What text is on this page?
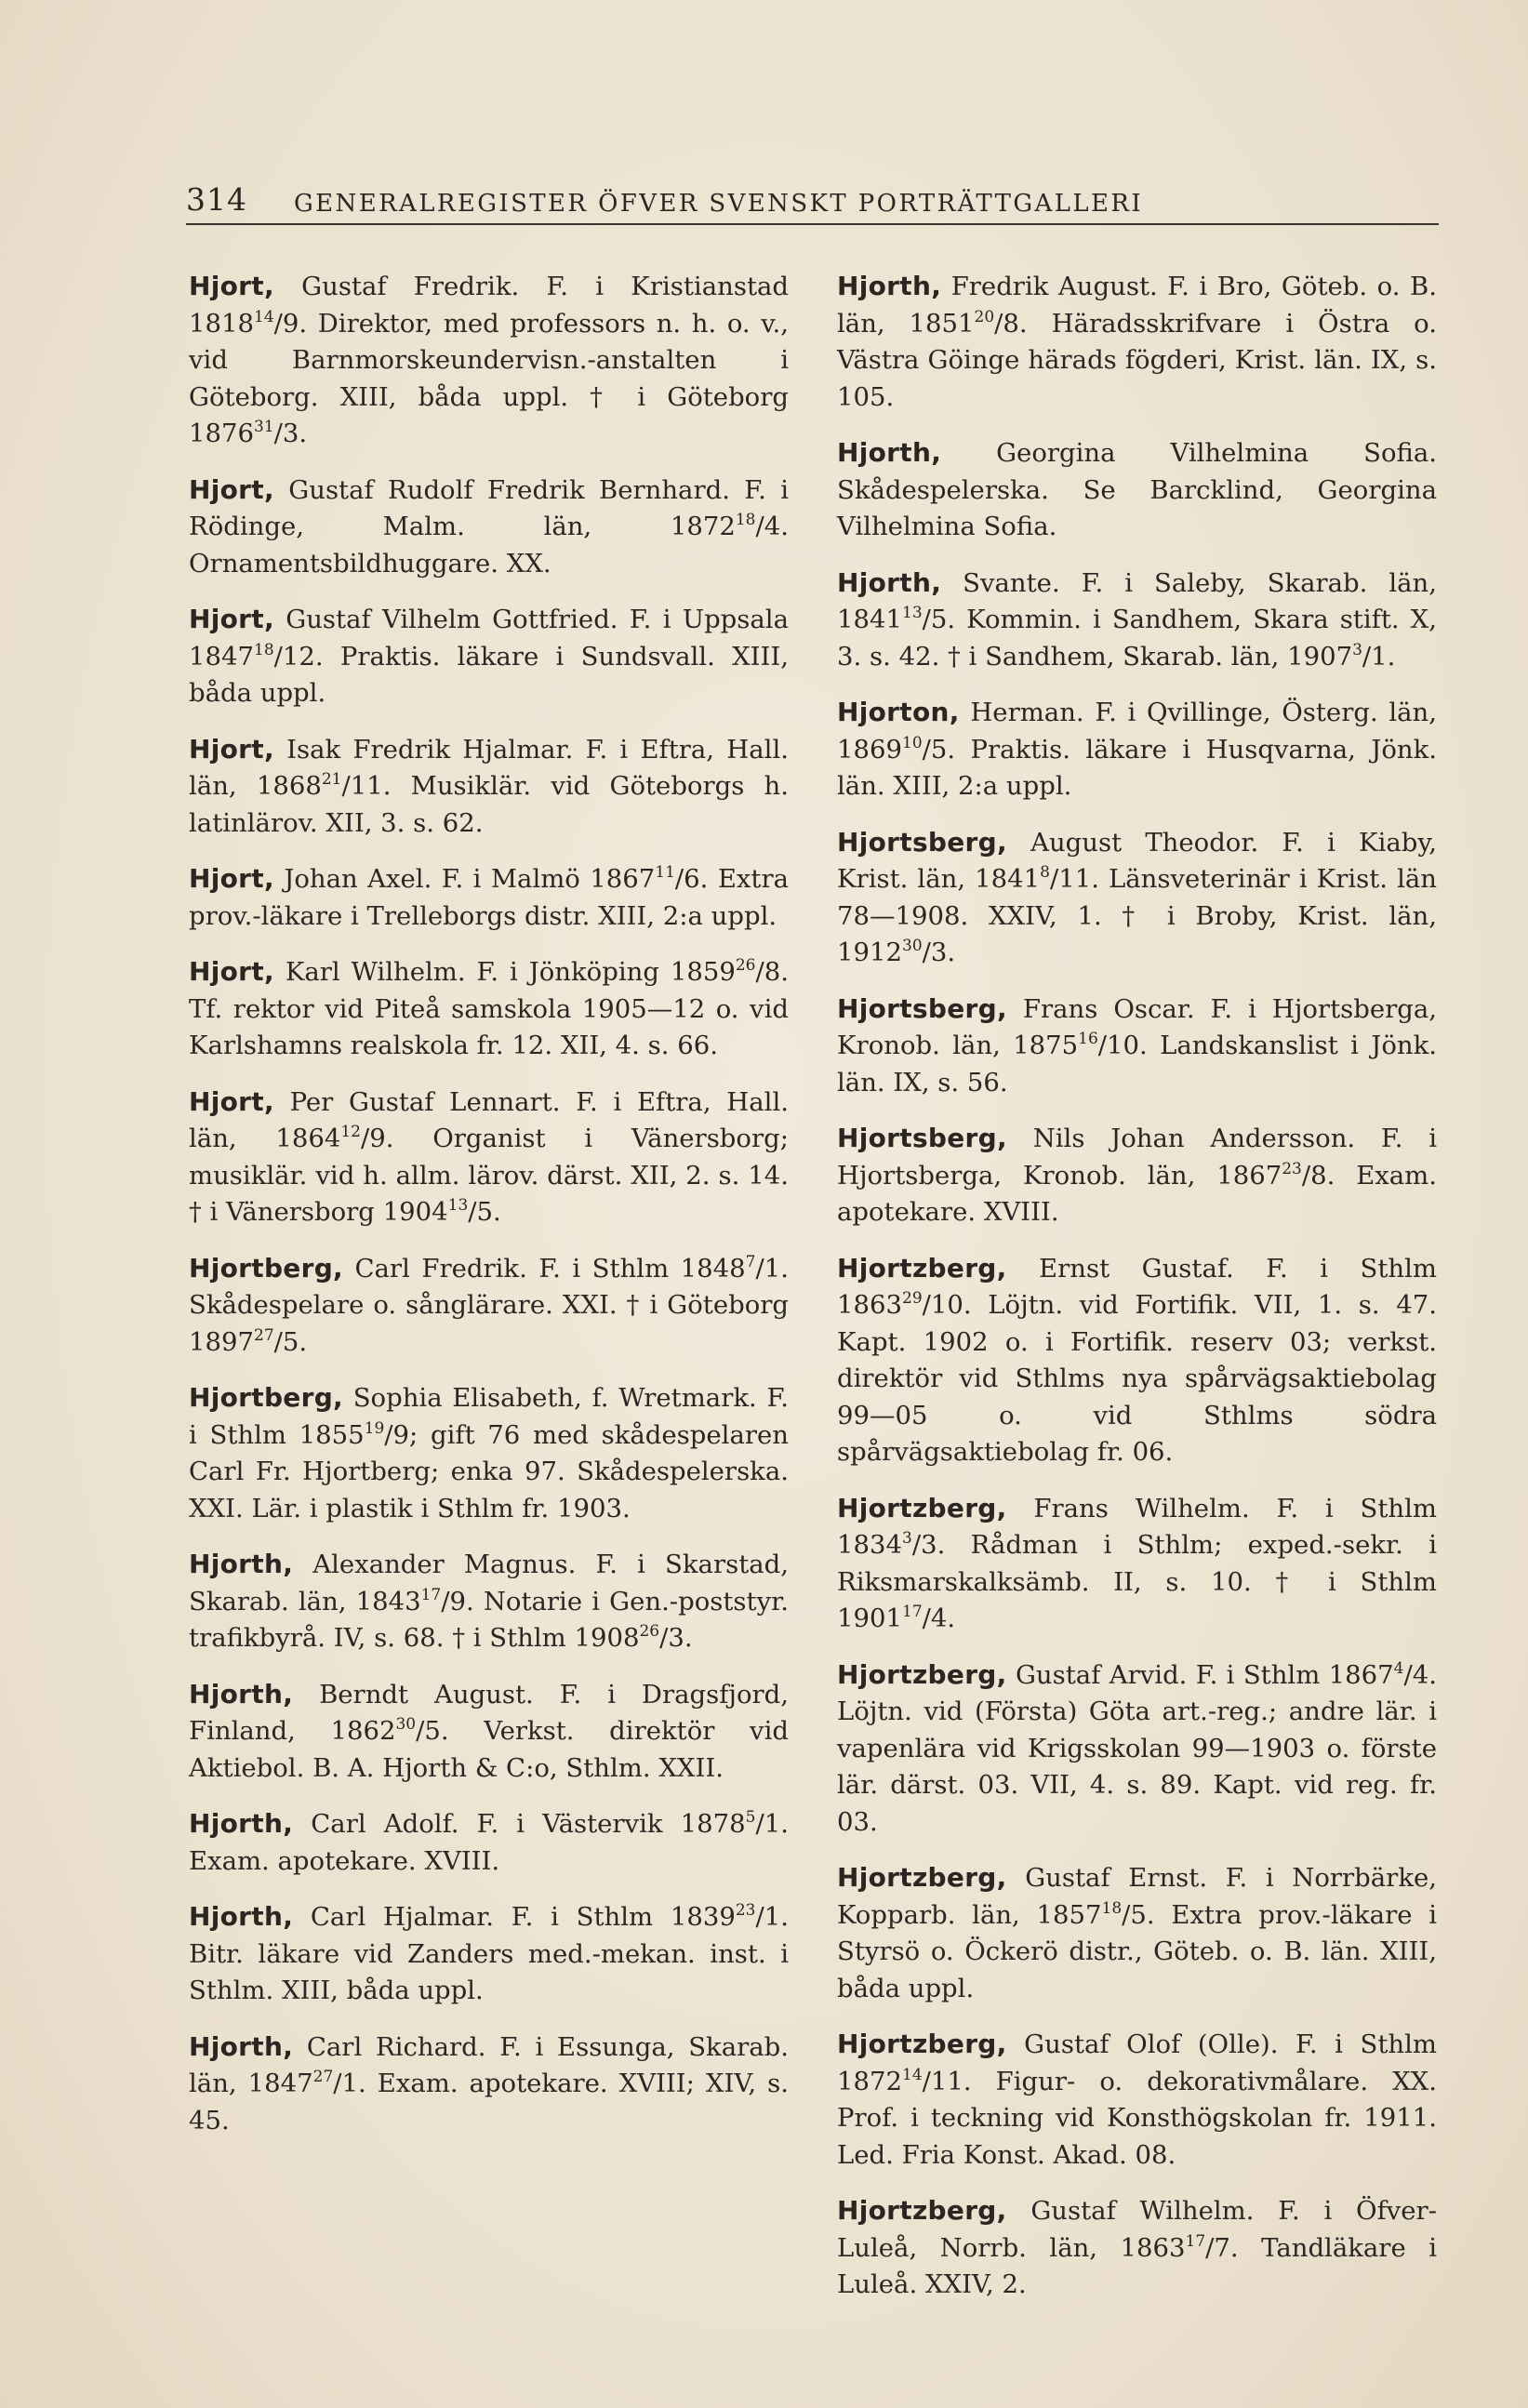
314 GENERALREGISTER ÖFVER SVENSKT PORTRÄTTGALLERI

Hjort, Gustaf Fredrik. F. i Kristianstad 1818$^{14}$/9. Direktor, med professors n. h. o. v., vid Barnmorskeundervisn.-anstalten i Göteborg. XIII, båda uppl. † i Göteborg 1876$^{31}$/3.

Hjort, Gustaf Rudolf Fredrik Bernhard. F. i Rödinge, Malm. län, 1872$^{18}$/4. Ornamentsbildhuggare. XX.

Hjort, Gustaf Vilhelm Gottfried. F. i Uppsala 1847$^{18}$/12. Praktis. läkare i Sundsvall. XIII, båda uppl.

Hjort, Isak Fredrik Hjalmar. F. i Eftra, Hall. län, 1868$^{21}$/11. Musiklär. vid Göteborgs h. latinlärov. XII, 3. s. 62.

Hjort, Johan Axel. F. i Malmö 1867$^{11}$/6. Extra prov.-läkare i Trelleborgs distr. XIII, 2:a uppl.

Hjort, Karl Wilhelm. F. i Jönköping 1859$^{26}$/8. Tf. rektor vid Piteå samskola 1905—12 o. vid Karlshamns realskola fr. 12. XII, 4. s. 66.

Hjort, Per Gustaf Lennart. F. i Eftra, Hall. län, 1864$^{12}$/9. Organist i Vänersborg; musiklär. vid h. allm. lärov. därst. XII, 2. s. 14. † i Vänersborg 1904$^{13}$/5.

Hjortberg, Carl Fredrik. F. i Sthlm 1848$^7$/1. Skådespelare o. sånglärare. XXI. † i Göteborg 1897$^{27}$/5.

Hjortberg, Sophia Elisabeth, f. Wretmark. F. i Sthlm 1855$^{19}$/9; gift 76 med skådespelaren Carl Fr. Hjortberg; enka 97. Skådespelerska. XXI. Lär. i plastik i Sthlm fr. 1903.

Hjorth, Alexander Magnus. F. i Skarstad, Skarab. län, 1843$^{17}$/9. Notarie i Gen.-poststyr. trafikbyrå. IV, s. 68. † i Sthlm 1908$^{26}$/3.

Hjorth, Berndt August. F. i Dragsfjord, Finland, 1862$^{30}$/5. Verkst. direktör vid Aktiebol. B. A. Hjorth & C:o, Sthlm. XXII.

Hjorth, Carl Adolf. F. i Västervik 1878$^5$/1. Exam. apotekare. XVIII.

Hjorth, Carl Hjalmar. F. i Sthlm 1839$^{23}$/1. Bitr. läkare vid Zanders med.-mekan. inst. i Sthlm. XIII, båda uppl.

Hjorth, Carl Richard. F. i Essunga, Skarab. län, 1847$^{27}$/1. Exam. apotekare. XVIII; XIV, s. 45.

Hjorth, Fredrik August. F. i Bro, Göteb. o. B. län, 1851$^{20}$/8. Häradsskrifvare i Östra o. Västra Göinge härads fögderi, Krist. län. IX, s. 105.

Hjorth, Georgina Vilhelmina Sofia. Skådespelerska. Se Barcklind, Georgina Vilhelmina Sofia.

Hjorth, Svante. F. i Saleby, Skarab. län, 1841$^{13}$/5. Kommin. i Sandhem, Skara stift. X, 3. s. 42. † i Sandhem, Skarab. län, 1907$^3$/1.

Hjorton, Herman. F. i Qvillinge, Österg. län, 1869$^{10}$/5. Praktis. läkare i Husqvarna, Jönk. län. XIII, 2:a uppl.

Hjortsberg, August Theodor. F. i Kiaby, Krist. län, 1841$^8$/11. Länsveterinär i Krist. län 78—1908. XXIV, 1. † i Broby, Krist. län, 1912$^{30}$/3.

Hjortsberg, Frans Oscar. F. i Hjortsberga, Kronob. län, 1875$^{16}$/10. Landskanslist i Jönk. län. IX, s. 56.

Hjortsberg, Nils Johan Andersson. F. i Hjortsberga, Kronob. län, 1867$^{23}$/8. Exam. apotekare. XVIII.

Hjortzberg, Ernst Gustaf. F. i Sthlm 1863$^{29}$/10. Löjtn. vid Fortifik. VII, 1. s. 47. Kapt. 1902 o. i Fortifik. reserv 03; verkst. direktör vid Sthlms nya spårvägsaktiebolag 99—05 o. vid Sthlms södra spårvägsaktiebolag fr. 06.

Hjortzberg, Frans Wilhelm. F. i Sthlm 1834$^3$/3. Rådman i Sthlm; exped.-sekr. i Riksmarskalksämb. II, s. 10. † i Sthlm 1901$^{17}$/4.

Hjortzberg, Gustaf Arvid. F. i Sthlm 1867$^4$/4. Löjtn. vid (Första) Göta art.-reg.; andre lär. i vapenlära vid Krigsskolan 99—1903 o. förste lär. därst. 03. VII, 4. s. 89. Kapt. vid reg. fr. 03.

Hjortzberg, Gustaf Ernst. F. i Norrbärke, Kopparb. län, 1857$^{18}$/5. Extra prov.-läkare i Styrsö o. Öckerö distr., Göteb. o. B. län. XIII, båda uppl.

Hjortzberg, Gustaf Olof (Olle). F. i Sthlm 1872$^{14}$/11. Figur- o. dekorativmålare. XX. Prof. i teckning vid Konsthögskolan fr. 1911. Led. Fria Konst. Akad. 08.

Hjortzberg, Gustaf Wilhelm. F. i Öfver-Luleå, Norrb. län, 1863$^{17}$/7. Tandläkare i Luleå. XXIV, 2.
